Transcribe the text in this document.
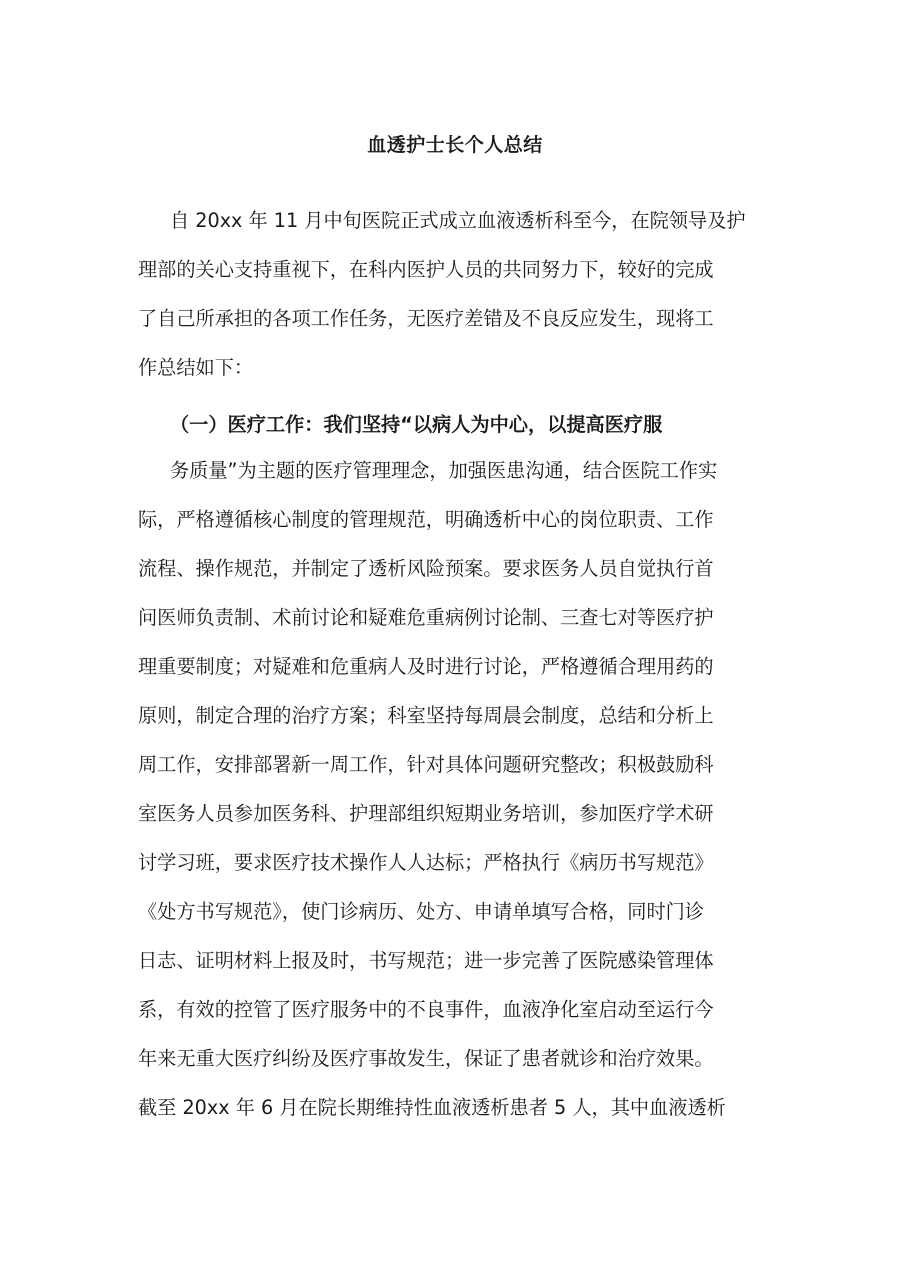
血透护士长个人总结
自 20xx 年 11 月中旬医院正式成立血液透析科至今，在院领导及护
理部的关心支持重视下，在科内医护人员的共同努力下，较好的完成
了自己所承担的各项工作任务，无医疗差错及不良反应发生，现将工
作总结如下：
（一）医疗工作：我们坚持“以病人为中心，以提高医疗服
务质量”为主题的医疗管理理念，加强医患沟通，结合医院工作实
际，严格遵循核心制度的管理规范，明确透析中心的岗位职责、工作
流程、操作规范，并制定了透析风险预案。要求医务人员自觉执行首
问医师负责制、术前讨论和疑难危重病例讨论制、三查七对等医疗护
理重要制度；对疑难和危重病人及时进行讨论，严格遵循合理用药的
原则，制定合理的治疗方案；科室坚持每周晨会制度，总结和分析上
周工作，安排部署新一周工作，针对具体问题研究整改；积极鼓励科
室医务人员参加医务科、护理部组织短期业务培训，参加医疗学术研
讨学习班，要求医疗技术操作人人达标；严格执行《病历书写规范》
《处方书写规范》，使门诊病历、处方、申请单填写合格，同时门诊
日志、证明材料上报及时，书写规范；进一步完善了医院感染管理体
系，有效的控管了医疗服务中的不良事件，血液净化室启动至运行今
年来无重大医疗纠纷及医疗事故发生，保证了患者就诊和治疗效果。
截至 20xx 年 6 月在院长期维持性血液透析患者 5 人，其中血液透析
